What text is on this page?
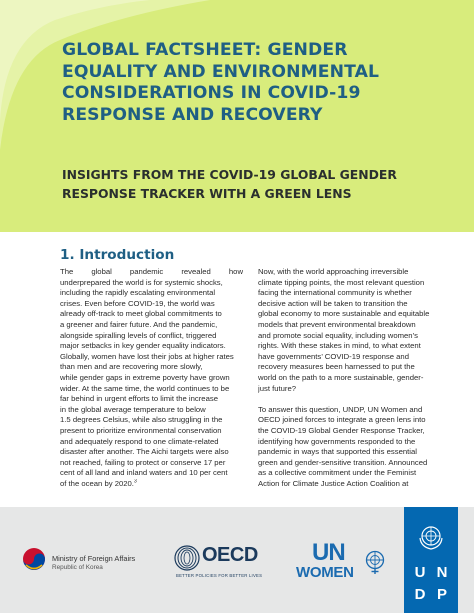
GLOBAL FACTSHEET: GENDER
EQUALITY AND ENVIRONMENTAL
CONSIDERATIONS IN COVID-19
RESPONSE AND RECOVERY
INSIGHTS FROM THE COVID-19 GLOBAL GENDER
RESPONSE TRACKER WITH A GREEN LENS
1. Introduction

The global pandemic revealed how
underprepared the world is for systemic shocks,
including the rapidly escalating environmental
crises. Even before COVID-19, the world was
already off-track to meet global commitments to
a greener and fairer future. And the pandemic,
alongside spiralling levels of conflict, triggered
major setbacks in key gender equality indicators.
Globally, women have lost their jobs at higher rates
than men and are recovering more slowly,
while gender gaps in extreme poverty have grown
wider. At the same time, the world continues to be
far behind in urgent efforts to limit the increase
in the global average temperature to below
1.5 degrees Celsius, while also struggling in the
present to prioritize environmental conservation
and adequately respond to one climate-related
disaster after another. The Aichi targets were also
not reached, failing to protect or conserve 17 per
cent of all land and inland waters and 10 per cent
of the ocean by 2020.$^3$

Now, with the world approaching irreversible
climate tipping points, the most relevant question
facing the international community is whether
decisive action will be taken to transition the
global economy to more sustainable and equitable
models that prevent environmental breakdown
and promote social equality, including women’s
rights. With these stakes in mind, to what extent
have governments’ COVID-19 response and
recovery measures been harnessed to put the
world on the path to a more sustainable, gender-
just future?

To answer this question, UNDP, UN Women and
OECD joined forces to integrate a green lens into
the COVID-19 Global Gender Response Tracker,
identifying how governments responded to the
pandemic in ways that supported this essential
green and gender-sensitive transition. Announced
as a collective commitment under the Feminist
Action for Climate Justice Action Coalition at

Ministry of Foreign Affairs
Republic of Korea
OECD
BETTER POLICIES FOR BETTER LIVES
UN
WOMEN	U N
D P
